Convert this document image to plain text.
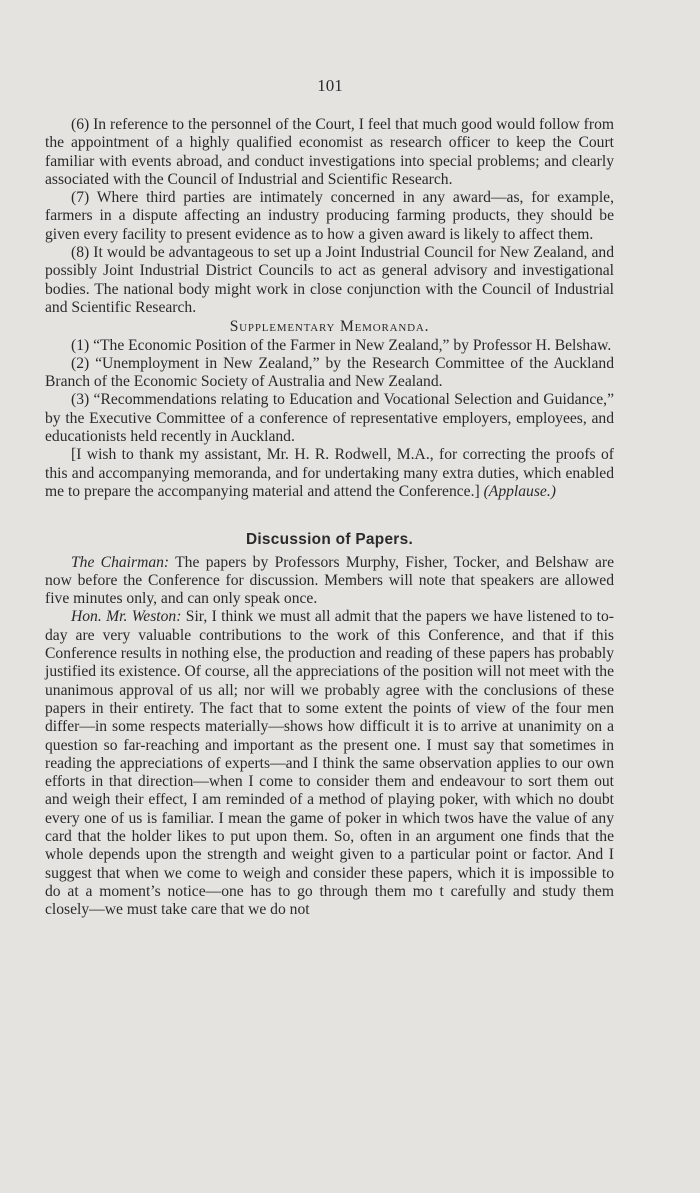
101

(6) In reference to the personnel of the Court, I feel that much good would follow from the appointment of a highly qualified economist as research officer to keep the Court familiar with events abroad, and conduct investigations into special problems; and clearly associated with the Council of Industrial and Scientific Research.

(7) Where third parties are intimately concerned in any award—as, for example, farmers in a dispute affecting an industry producing farming products, they should be given every facility to present evidence as to how a given award is likely to affect them.

(8) It would be advantageous to set up a Joint Industrial Council for New Zealand, and possibly Joint Industrial District Councils to act as general advisory and investigational bodies. The national body might work in close conjunction with the Council of Industrial and Scientific Research.

Supplementary Memoranda.

(1) “The Economic Position of the Farmer in New Zealand,” by Professor H. Belshaw.

(2) “Unemployment in New Zealand,” by the Research Committee of the Auckland Branch of the Economic Society of Australia and New Zealand.

(3) “Recommendations relating to Education and Vocational Selection and Guidance,” by the Executive Committee of a conference of representative employers, employees, and educationists held recently in Auckland.

[I wish to thank my assistant, Mr. H. R. Rodwell, M.A., for correcting the proofs of this and accompanying memoranda, and for undertaking many extra duties, which enabled me to prepare the accompanying material and attend the Conference.] (Applause.)

Discussion of Papers.

The Chairman: The papers by Professors Murphy, Fisher, Tocker, and Belshaw are now before the Conference for discussion. Members will note that speakers are allowed five minutes only, and can only speak once.

Hon. Mr. Weston: Sir, I think we must all admit that the papers we have listened to to-day are very valuable contributions to the work of this Conference, and that if this Conference results in nothing else, the production and reading of these papers has probably justified its existence. Of course, all the appreciations of the position will not meet with the unanimous approval of us all; nor will we probably agree with the conclusions of these papers in their entirety. The fact that to some extent the points of view of the four men differ—in some respects materially—shows how difficult it is to arrive at unanimity on a question so far-reaching and important as the present one. I must say that sometimes in reading the appreciations of experts—and I think the same observation applies to our own efforts in that direction—when I come to consider them and endeavour to sort them out and weigh their effect, I am reminded of a method of playing poker, with which no doubt every one of us is familiar. I mean the game of poker in which twos have the value of any card that the holder likes to put upon them. So, often in an argument one finds that the whole depends upon the strength and weight given to a particular point or factor. And I suggest that when we come to weigh and consider these papers, which it is impossible to do at a moment’s notice—one has to go through them mo t carefully and study them closely—we must take care that we do not
